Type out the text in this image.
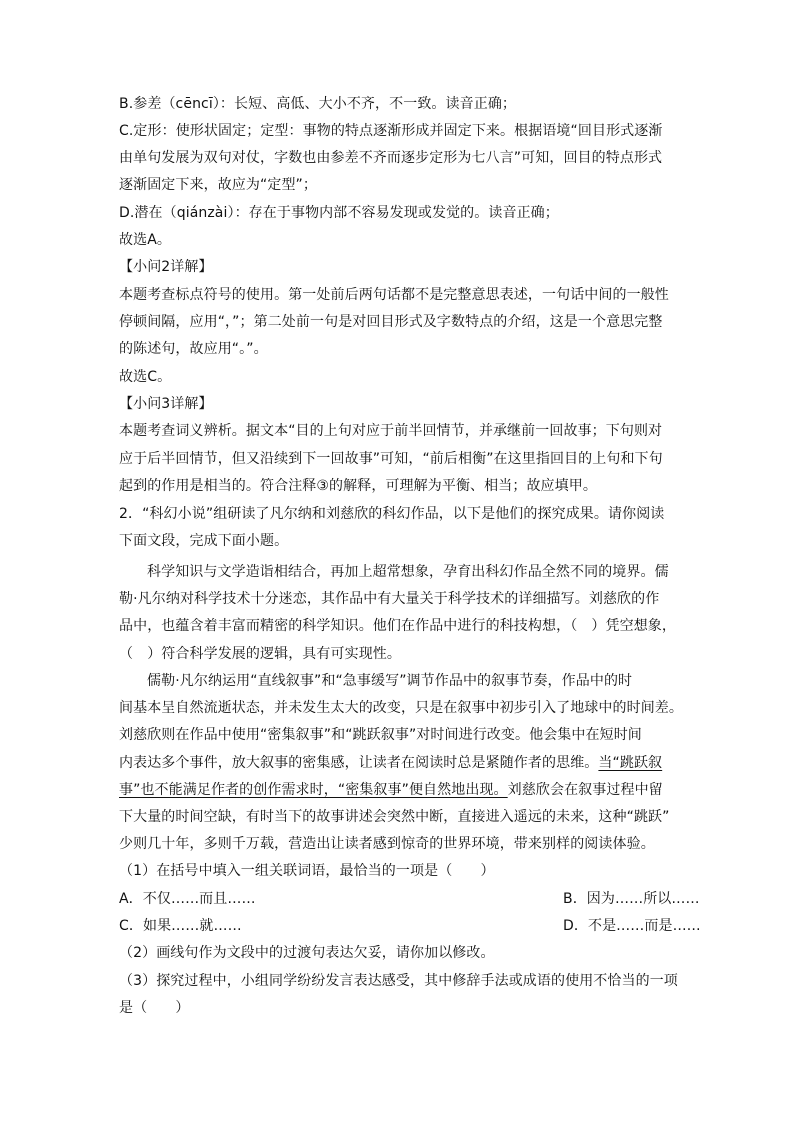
B.参差（cēncī）：长短、高低、大小不齐，不一致。读音正确；
C.定形：使形状固定；定型：事物的特点逐渐形成并固定下来。根据语境“回目形式逐渐
由单句发展为双句对仗，字数也由参差不齐而逐步定形为七八言”可知，回目的特点形式
逐渐固定下来，故应为“定型”；
D.潜在（qiánzài）：存在于事物内部不容易发现或发觉的。读音正确；
故选A。
【小问2详解】
本题考查标点符号的使用。第一处前后两句话都不是完整意思表述，一句话中间的一般性
停顿间隔，应用“，”；第二处前一句是对回目形式及字数特点的介绍，这是一个意思完整
的陈述句，故应用“。”。
故选C。
【小问3详解】
本题考查词义辨析。据文本“目的上句对应于前半回情节，并承继前一回故事；下句则对
应于后半回情节，但又沿续到下一回故事”可知，“前后相衡”在这里指回目的上句和下句
起到的作用是相当的。符合注释③的解释，可理解为平衡、相当；故应填甲。
2．“科幻小说”组研读了凡尔纳和刘慈欣的科幻作品，以下是他们的探究成果。请你阅读
下面文段，完成下面小题。
科学知识与文学造诣相结合，再加上超常想象，孕育出科幻作品全然不同的境界。儒
勒·凡尔纳对科学技术十分迷恋，其作品中有大量关于科学技术的详细描写。刘慈欣的作
品中，也蕴含着丰富而精密的科学知识。他们在作品中进行的科技构想，（　）凭空想象，
（　）符合科学发展的逻辑，具有可实现性。
儒勒·凡尔纳运用“直线叙事”和“急事缓写”调节作品中的叙事节奏，作品中的时
间基本呈自然流逝状态，并未发生太大的改变，只是在叙事中初步引入了地球中的时间差。
刘慈欣则在作品中使用“密集叙事”和“跳跃叙事”对时间进行改变。他会集中在短时间
内表达多个事件，放大叙事的密集感，让读者在阅读时总是紧随作者的思维。当“跳跃叙
事”也不能满足作者的创作需求时，“密集叙事”便自然地出现。刘慈欣会在叙事过程中留
下大量的时间空缺，有时当下的故事讲述会突然中断，直接进入遥远的未来，这种“跳跃”
少则几十年，多则千万载，营造出让读者感到惊奇的世界环境，带来别样的阅读体验。
（1）在括号中填入一组关联词语，最恰当的一项是（　　）
A．不仅……而且……	B．因为……所以……
C．如果……就……	D．不是……而是……
（2）画线句作为文段中的过渡句表达欠妥，请你加以修改。
（3）探究过程中，小组同学纷纷发言表达感受，其中修辞手法或成语的使用不恰当的一项
是（　　）
